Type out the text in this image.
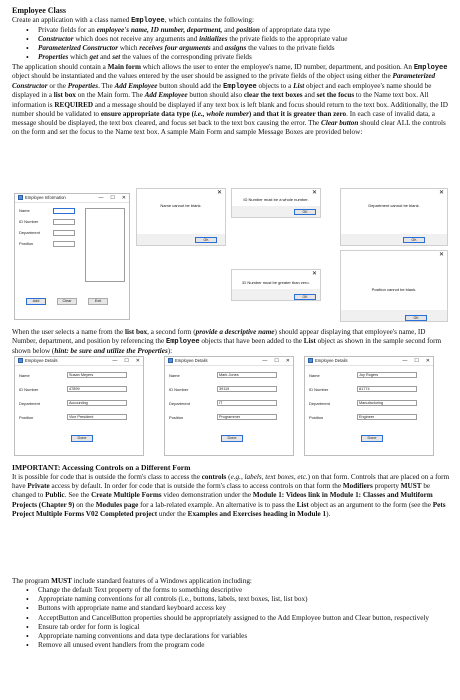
Employee Class

Create an application with a class named Employee, which contains the following:

• Private fields for an employee's name, ID number, department, and position of appropriate data type
• Constructor which does not receive any arguments and initializes the private fields to the appropriate value
• Parameterized Constructor which receives four arguments and assigns the values to the private fields
• Properties which get and set the values of the corresponding private fields

The application should contain a Main form which allows the user to enter the employee's name, ID number, department, and position. An Employee object should be instantiated and the values entered by the user should be assigned to the private fields of the object using either the Parameterized Constructor or the Properties. The Add Employee button should add the Employee objects to a List object and each employee's name should be displayed in a list box on the Main form. The Add Employee button should also clear the text boxes and set the focus to the Name text box. All information is REQUIRED and a message should be displayed if any text box is left blank and focus should return to the text box. Additionally, the ID number should be validated to ensure appropriate data type (i.e., whole number) and that it is greater than zero. In each case of invalid data, a message should be displayed, the text box cleared, and focus set back to the text box causing the error. The Clear button should clear ALL the controls on the form and set the focus to the Name text box. A sample Main Form and sample Message Boxes are provided below:

Employee Information	— ☐ ✕
Name
ID Number
Department
Position
Add	Clear	Exit
✕
Name cannot be blank.
OK
✕
ID Number must be a whole number.
OK
✕
Department cannot be blank.
OK
✕
ID Number must be greater than zero.
OK
✕
Position cannot be blank.
OK

When the user selects a name from the list box, a second form (provide a descriptive name) should appear displaying that employee's name, ID Number, department, and position by referencing the Employee objects that have been added to the List object as shown in the sample second form shown below (hint: be sure and utilize the Properties):

Employee Details	— ☐ ✕
Name
ID Number
Department
Position
Susan Meyers
47899
Accounting
Vice President
Done
Employee Details	— ☐ ✕
Name
ID Number
Department
Position
Mark Jones
39119
IT
Programmer
Done
Employee Details	— ☐ ✕
Name
ID Number
Department
Position
Joy Rogers
81774
Manufacturing
Engineer
Done

IMPORTANT: Accessing Controls on a Different Form

It is possible for code that is outside the form's class to access the controls (e.g., labels, text boxes, etc.) on that form. Controls that are placed on a form have Private access by default. In order for code that is outside the form's class to access controls on that form the Modifiers property MUST be changed to Public. See the Create Multiple Forms video demonstration under the Module 1: Videos link in Module 1: Classes and Multiform Projects (Chapter 9) on the Modules page for a lab-related example. An alternative is to pass the List object as an argument to the form (see the Pets Project Multiple Forms V02 Completed project under the Examples and Exercises heading in Module 1).

The program MUST include standard features of a Windows application including:

• Change the default Text property of the forms to something descriptive
• Appropriate naming conventions for all controls (i.e., buttons, labels, text boxes, list, list box)
• Buttons with appropriate name and standard keyboard access key
• AcceptButton and CancelButton properties should be appropriately assigned to the Add Employee button and Clear button, respectively
• Ensure tab order for form is logical
• Appropriate naming conventions and data type declarations for variables
• Remove all unused event handlers from the program code
